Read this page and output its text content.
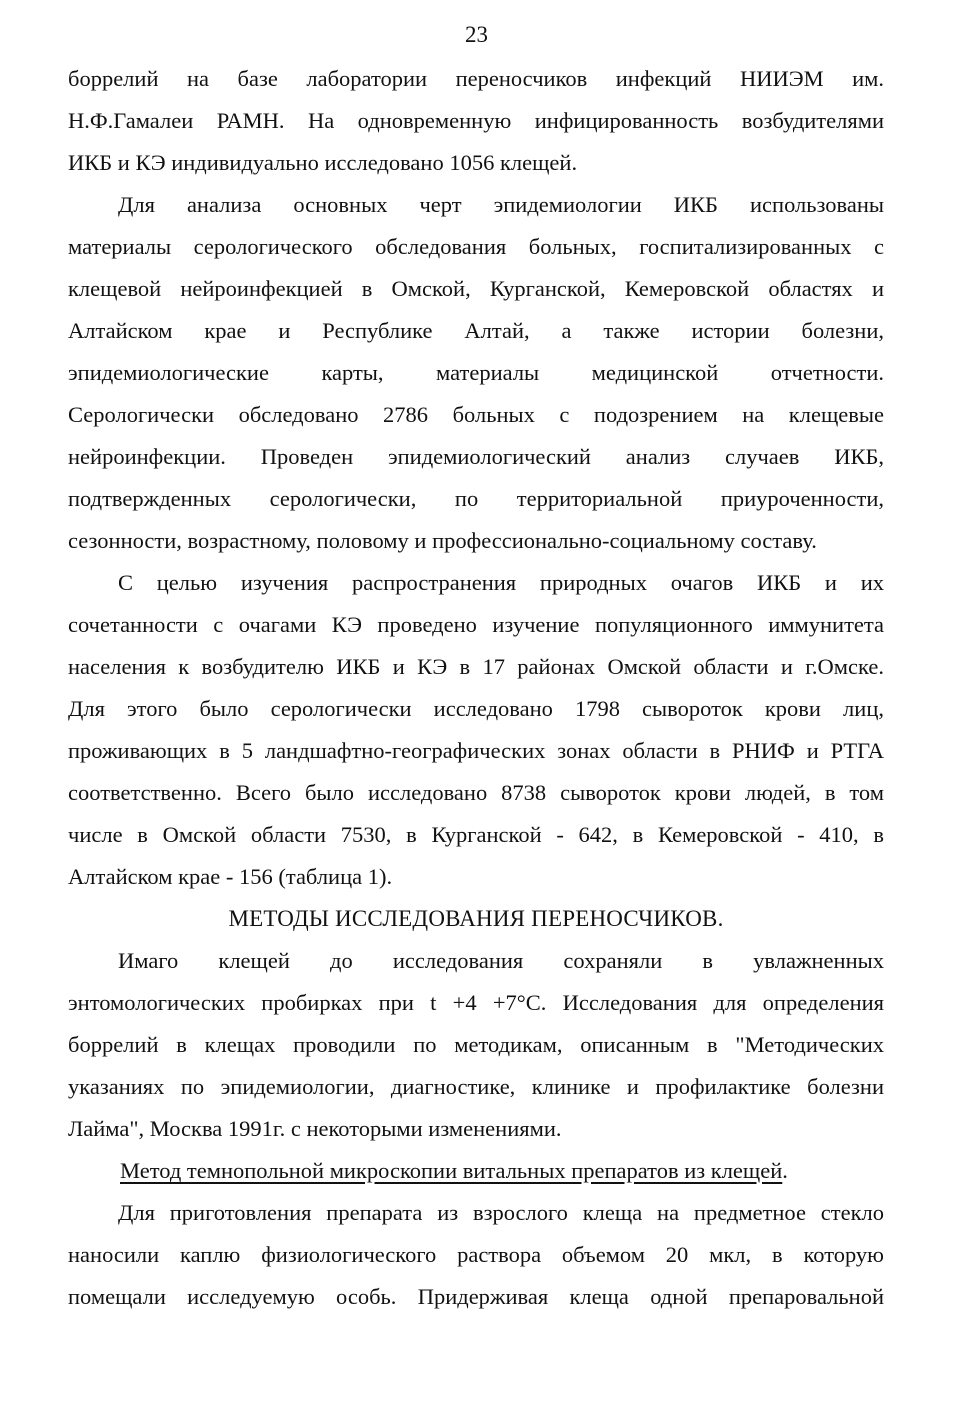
23
боррелий на базе лаборатории переносчиков инфекций НИИЭМ им.
Н.Ф.Гамалеи РАМН. На одновременную инфицированность возбудителями
ИКБ и КЭ индивидуально исследовано 1056 клещей.
Для анализа основных черт эпидемиологии ИКБ использованы
материалы серологического обследования больных, госпитализированных с
клещевой нейроинфекцией в Омской, Курганской, Кемеровской областях и
Алтайском крае и Республике Алтай, а также истории болезни,
эпидемиологические карты, материалы медицинской отчетности.
Серологически обследовано 2786 больных с подозрением на клещевые
нейроинфекции. Проведен эпидемиологический анализ случаев ИКБ,
подтвержденных серологически, по территориальной приуроченности,
сезонности, возрастному, половому и профессионально-социальному составу.
С целью изучения распространения природных очагов ИКБ и их
сочетанности с очагами КЭ проведено изучение популяционного иммунитета
населения к возбудителю ИКБ и КЭ в 17 районах Омской области и г.Омске.
Для этого было серологически исследовано 1798 сывороток крови лиц,
проживающих в 5 ландшафтно-географических зонах области в РНИФ и РТГА
соответственно. Всего было исследовано 8738 сывороток крови людей, в том
числе в Омской области 7530, в Курганской - 642, в Кемеровской - 410, в
Алтайском крае - 156 (таблица 1).
МЕТОДЫ ИССЛЕДОВАНИЯ ПЕРЕНОСЧИКОВ.
Имаго клещей до исследования сохраняли в увлажненных
энтомологических пробирках при t +4 +7°С. Исследования для определения
боррелий в клещах проводили по методикам, описанным в "Методических
указаниях по эпидемиологии, диагностике, клинике и профилактике болезни
Лайма", Москва 1991г. с некоторыми изменениями.
Метод темнопольной микроскопии витальных препаратов из клещей.
Для приготовления препарата из взрослого клеща на предметное стекло
наносили каплю физиологического раствора объемом 20 мкл, в которую
помещали исследуемую особь. Придерживая клеща одной препаровальной
